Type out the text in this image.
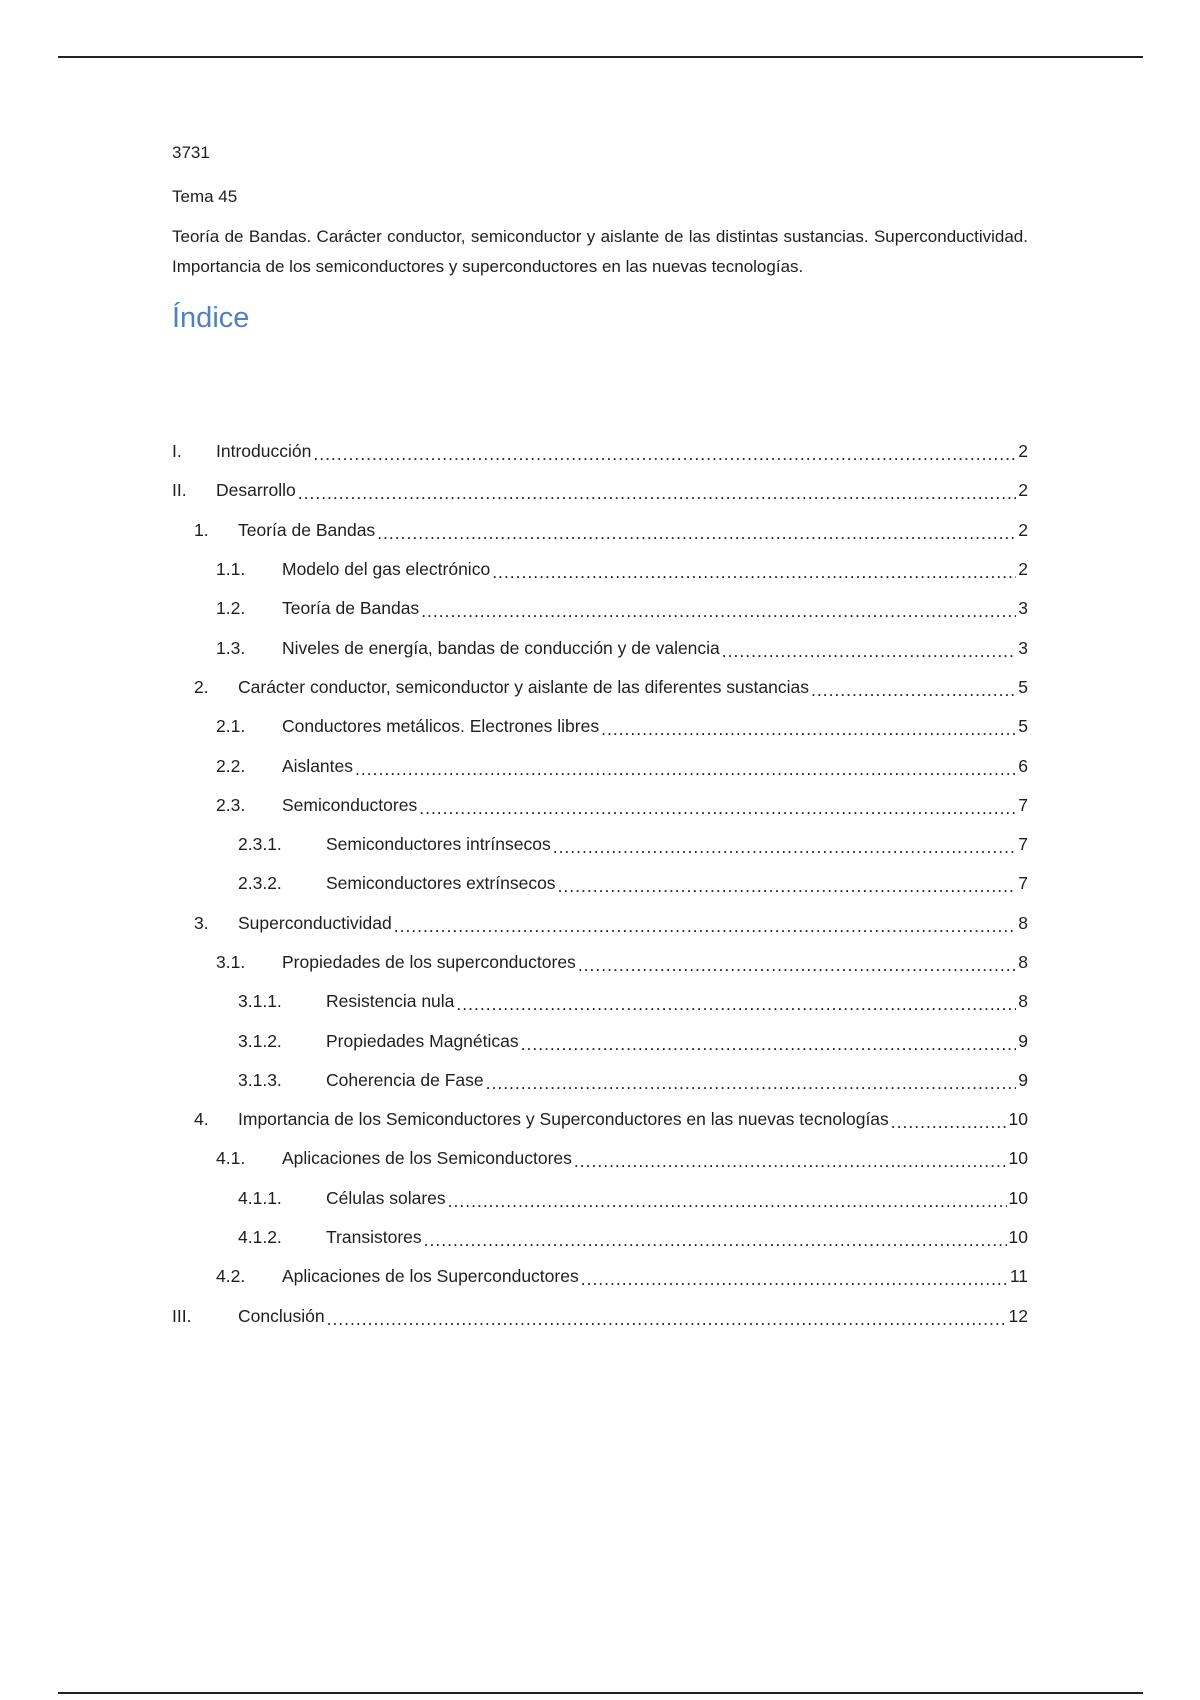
3731

Tema 45

Teoría de Bandas. Carácter conductor, semiconductor y aislante de las distintas sustancias. Superconductividad. Importancia de los semiconductores y superconductores en las nuevas tecnologías.

Índice
I. Introducción .....	2
II. Desarrollo .....	2
1. Teoría de Bandas .....	2
1.1. Modelo del gas electrónico .....	2
1.2. Teoría de Bandas .....	3
1.3. Niveles de energía, bandas de conducción y de valencia .....	3
2. Carácter conductor, semiconductor y aislante de las diferentes sustancias .....	5
2.1. Conductores metálicos. Electrones libres .....	5
2.2. Aislantes .....	6
2.3. Semiconductores .....	7
2.3.1.	Semiconductores intrínsecos .....	7
2.3.2.	Semiconductores extrínsecos .....	7
3. Superconductividad .....	8
3.1. Propiedades de los superconductores .....	8
3.1.1.	Resistencia nula .....	8
3.1.2.	Propiedades Magnéticas .....	9
3.1.3.	Coherencia de Fase .....	9
4. Importancia de los Semiconductores y Superconductores en las nuevas tecnologías .....	10
4.1. Aplicaciones de los Semiconductores .....	10
4.1.1.	Células solares .....	10
4.1.2.	Transistores .....	10
4.2. Aplicaciones de los Superconductores .....	11
III.	Conclusión .....	12
